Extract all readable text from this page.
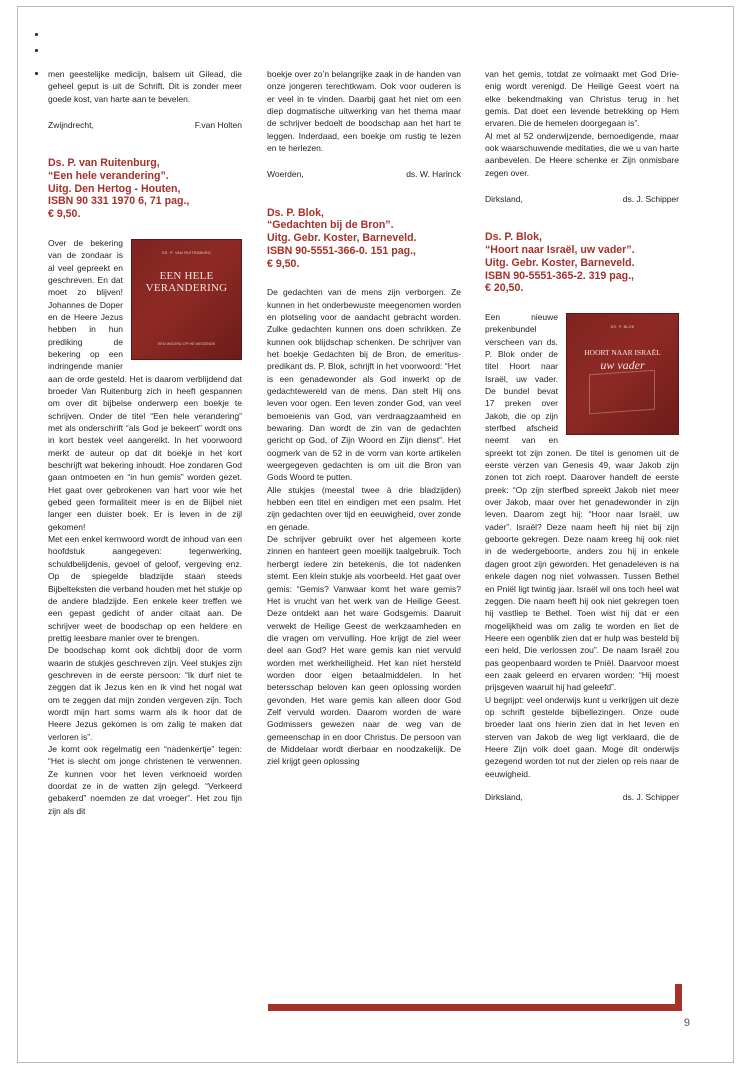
men geestelijke medicijn, balsem uit Gilead, die geheel geput is uit de Schrift. Dit is zonder meer goede kost, van harte aan te bevelen.

Zwijndrecht,	F.van Holten
Ds. P. van Ruitenburg,
“Een hele verandering”.
Uitg. Den Hertog - Houten,
ISBN 90 331 1970 6, 71 pag.,
€ 9,50.
DS. P. VAN RUITENBURG
EEN HELE VERANDERING
EEN WOORD OP HE WEGENDE

Over de bekering van de zondaar is al veel gepreekt en geschreven. En dat moet zo blijven! Johannes de Doper en de Heere Jezus hebben in hun prediking de bekering op een indringende manier aan de orde gesteld. Het is daarom verblijdend dat broeder Van Ruitenburg zich in heeft gespannen om over dit bijbelse onderwerp een boekje te schrijven. Onder de titel “Een hele verandering” met als onderschrift “als God je bekeert” wordt ons in kort bestek veel aangereikt. In het voorwoord merkt de auteur op dat dit boekje in het kort beschrijft wat bekering inhoudt. Hoe zondaren God gaan ontmoeten en “in hun gemis” worden gezet. Het gaat over gebrokenen van hart voor wie het gebed geen formaliteit meer is en de Bijbel niet langer een duister boek. Er is leven in de zijl gekomen!

Met een enkel kernwoord wordt de inhoud van een hoofdstuk aangegeven: tegenwerking, schuldbelijdenis, gevoel of geloof, vergeving enz. Op de spiegelde bladzijde staan steeds Bijbelteksten die verband houden met het stukje op de andere bladzijde. Een enkele keer treffen we een gepast gedicht of ander citaat aan. De schrijver weet de boodschap op een heldere en prettig leesbare manier over te brengen.

De boodschap komt ook dichtbij door de vorm waarin de stukjes geschreven zijn. Veel stukjes zijn geschreven in de eerste persoon: “Ik durf niet te zeggen dat ik Jezus ken en ik vind het nogal wat om te zeggen dat mijn zonden vergeven zijn. Toch wordt mijn hart soms warm als ik hoor dat de Heere Jezus gekomen is om zalig te maken dat verloren is”.

Je komt ook regelmatig een “nadenkertje” tegen: “Het is slecht om jonge christenen te verwennen. Ze kunnen voor het leven verknoeid worden doordat ze in de watten zijn gelegd. “Verkeerd gebakerd” noemden ze dat vroeger”. Het zou fijn zijn als dit

boekje over zo’n belangrijke zaak in de handen van onze jongeren terechtkwam. Ook voor ouderen is er veel in te vinden. Daarbij gaat het niet om een diep dogmatische uitwerking van het thema maar de schrijver bedoelt de boodschap aan het hart te leggen. Inderdaad, een boekje om rustig te lezen en te herlezen.

Woerden,	ds. W. Harinck
Ds. P. Blok,
“Gedachten bij de Bron”.
Uitg. Gebr. Koster, Barneveld.
ISBN 90-5551-366-0. 151 pag.,
€ 9,50.

De gedachten van de mens zijn verborgen. Ze kunnen in het onderbewuste meegenomen worden en plotseling voor de aandacht gebracht worden. Zulke gedachten kunnen ons doen schrikken. Ze kunnen ook blijdschap schenken. De schrijver van het boekje Gedachten bij de Bron, de emeritus-predikant ds. P. Blok, schrijft in het voorwoord: “Het is een genadewonder als God inwerkt op de gedachtewereld van de mens. Dan stelt Hij ons leven voor ogen. Een leven zonder God, van veel bemoeienis van God, van verdraagzaamheid en bewaring. Dan wordt de zin van de gedachten gericht op God, of Zijn Woord en Zijn dienst”. Het oogmerk van de 52 in de vorm van korte artikelen weergegeven gedachten is om uit die Bron van Gods Woord te putten.

Alle stukjes (meestal twee à drie bladzijden) hebben een titel en eindigen met een psalm. Het zijn gedachten over tijd en eeuwigheid, over zonde en genade.

De schrijver gebruikt over het algemeen korte zinnen en hanteert geen moeilijk taalgebruik. Toch herbergt iedere zin betekenis, die tot nadenken stemt. Een klein stukje als voorbeeld. Het gaat over gemis: “Gemis? Vanwaar komt het ware gemis? Het is vrucht van het werk van de Heilige Geest. Deze ontdekt aan het ware Godsgemis. Daaruit verwekt de Heilige Geest de werkzaamheden en die vragen om vervulling. Hoe krijgt de ziel weer deel aan God? Het ware gemis kan niet vervuld worden met werkheiligheid. Het kan niet hersteld worden door eigen betaalmiddelen. In het betersschap beloven kan geen oplossing worden gevonden. Het ware gemis kan alleen door God Zelf vervuld worden. Daarom worden de ware Godmissers gewezen naar de weg van de gemeenschap in en door Christus. De persoon van de Middelaar wordt dierbaar en noodzakelijk. De ziel krijgt geen oplossing

van het gemis, totdat ze volmaakt met God Drie-enig wordt verenigd. De Heilige Geest voert na elke bekendmaking van Christus terug in het gemis. Dat doet een levende betrekking op Hem ervaren. Die de hemelen doorgegaan is”.

Al met al 52 onderwijzende, bemoedigende, maar ook waarschuwende meditaties, die we u van harte aanbevelen. De Heere schenke er Zijn onmisbare zegen over.

Dirksland,	ds. J. Schipper
Ds. P. Blok,
“Hoort naar Israël, uw vader”.
Uitg. Gebr. Koster, Barneveld.
ISBN 90-5551-365-2. 319 pag.,
€ 20,50.
DS. P. BLOK
HOORT NAAR ISRAËL
uw vader

Een nieuwe prekenbundel verscheen van ds. P. Blok onder de titel Hoort naar Israël, uw vader. De bundel bevat 17 preken over Jakob, die op zijn sterfbed afscheid neemt van en spreekt tot zijn zonen. De titel is genomen uit de eerste verzen van Genesis 49, waar Jakob zijn zonen tot zich roept. Daarover handelt de eerste preek: “Op zijn sterfbed spreekt Jakob niet meer over Jakob, maar over het genadewonder in zijn leven. Daarom zegt hij: “Hoor naar Israël, uw vader”. Israël? Deze naam heeft hij niet bij zijn geboorte gekregen. Deze naam kreeg hij ook niet in de wedergeboorte, anders zou hij in enkele dagen groot zijn geworden. Het genadeleven is na enkele dagen nog niet volwassen. Tussen Bethel en Pniël ligt twintig jaar. Israël wil ons toch heel wat zeggen. Die naam heeft hij ook niet gekregen toen hij vastliep te Bethel. Toen wist hij dat er een mogelijkheid was om zalig te worden en liet de Heere een ogenblik zien dat er hulp was besteld bij een held, Die verlossen zou”. De naam Israël zou pas geopenbaard worden te Pniël. Daarvoor moest een zaak geleerd en ervaren worden: “Hij moest prijsgeven waaruit hij had geleefd”.

U begrijpt: veel onderwijs kunt u verkrijgen uit deze op schrift gestelde bijbellezingen. Onze oude broeder laat ons hierin zien dat in het leven en sterven van Jakob de weg ligt verklaard, die de Heere Zijn volk doet gaan. Moge dit onderwijs gezegend worden tot nut der zielen op reis naar de eeuwigheid.

Dirksland,	ds. J. Schipper
9
